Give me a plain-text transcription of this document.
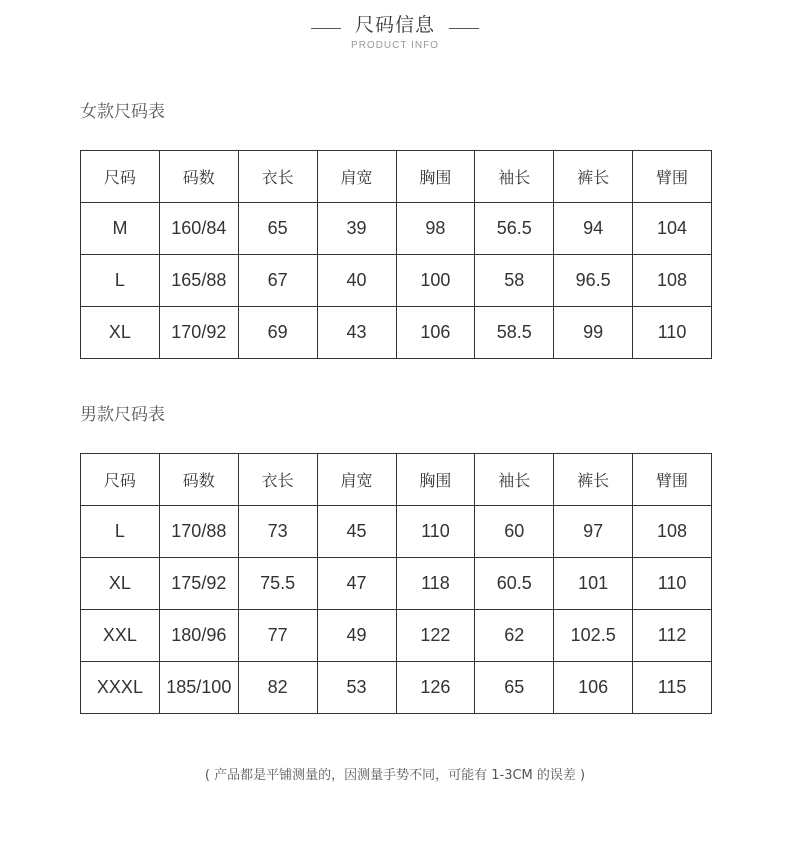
尺码信息
PRODUCT INFO
女款尺码表
尺码	码数	衣长	肩宽	胸围	袖长	裤长	臂围
M	160/84	65	39	98	56.5	94	104
L	165/88	67	40	100	58	96.5	108
XL	170/92	69	43	106	58.5	99	110
男款尺码表
尺码	码数	衣长	肩宽	胸围	袖长	裤长	臂围
L	170/88	73	45	110	60	97	108
XL	175/92	75.5	47	118	60.5	101	110
XXL	180/96	77	49	122	62	102.5	112
XXXL	185/100	82	53	126	65	106	115
( 产品都是平铺测量的，因测量手势不同，可能有 1-3CM 的误差 )
